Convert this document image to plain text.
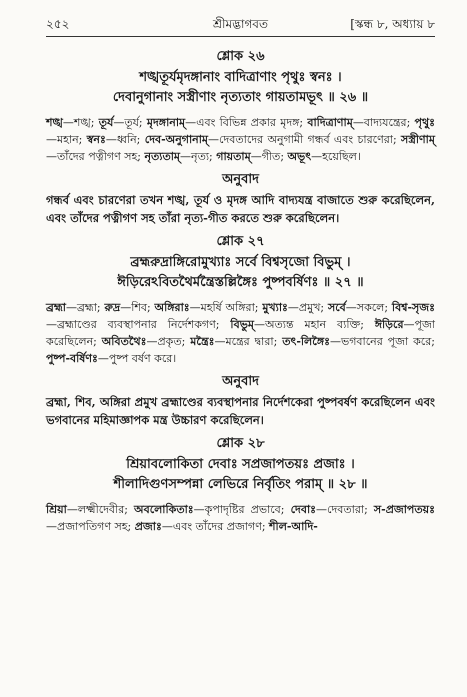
২৫২	শ্রীমদ্ভাগবত	[স্কন্ধ ৮, অধ্যায় ৮
শ্লোক ২৬
শঙ্খতূর্যমৃদঙ্গানাং বাদিত্রাণাং পৃথুঃ স্বনঃ ।
দেবানুগানাং সস্ত্রীণাং নৃত্যতাং গায়তামভূৎ ॥ ২৬ ॥
শঙ্খ—শঙ্খ; তূর্য—তূর্য; মৃদঙ্গানাম্—এবং বিভিন্ন প্রকার মৃদঙ্গ; বাদিত্রাণাম্—বাদ্যযন্ত্রের; পৃথুঃ—মহান; স্বনঃ—ধ্বনি; দেব-অনুগানাম্—দেবতাদের অনুগামী গন্ধর্ব এবং চারণেরা; সস্ত্রীণাম্—তাঁদের পত্নীগণ সহ; নৃত্যতাম্—নৃত্য; গায়তাম্—গীত; অভূৎ—হয়েছিল।
অনুবাদ
গন্ধর্ব এবং চারণেরা তখন শঙ্খ, তূর্য ও মৃদঙ্গ আদি বাদ্যযন্ত্র বাজাতে শুরু করেছিলেন, এবং তাঁদের পত্নীগণ সহ তাঁরা নৃত্য-গীত করতে শুরু করেছিলেন।
শ্লোক ২৭
ব্রহ্মরুদ্রাঙ্গিরোমুখ্যাঃ সর্বে বিশ্বসৃজো বিভুম্ ।
ঈড়িরেঽবিতথৈর্মন্ত্রৈস্তল্লিঙ্গৈঃ পুষ্পবর্ষিণঃ ॥ ২৭ ॥
ব্রহ্মা—ব্রহ্মা; রুদ্র—শিব; অঙ্গিরাঃ—মহর্ষি অঙ্গিরা; মুখ্যাঃ—প্রমুখ; সর্বে—সকলে; বিশ্ব-সৃজঃ—ব্রহ্মাণ্ডের ব্যবস্থাপনার নির্দেশকগণ; বিভুম্—অত্যন্ত মহান ব্যক্তি; ঈড়িরে—পূজা করেছিলেন; অবিতথৈঃ—প্রকৃত; মন্ত্রৈঃ—মন্ত্রের দ্বারা; তৎ-লিঙ্গৈঃ—ভগবানের পূজা করে; পুষ্প-বর্ষিণঃ—পুষ্প বর্ষণ করে।
অনুবাদ
ব্রহ্মা, শিব, অঙ্গিরা প্রমুখ ব্রহ্মাণ্ডের ব্যবস্থাপনার নির্দেশকেরা পুষ্পবর্ষণ করেছিলেন এবং ভগবানের মহিমাজ্ঞাপক মন্ত্র উচ্চারণ করেছিলেন।
শ্লোক ২৮
শ্রিয়াবলোকিতা দেবাঃ সপ্রজাপতয়ঃ প্রজাঃ ।
শীলাদিগুণসম্পন্না লেভিরে নির্বৃতিং পরাম্ ॥ ২৮ ॥
শ্রিয়া—লক্ষ্মীদেবীর; অবলোকিতাঃ—কৃপাদৃষ্টির প্রভাবে; দেবাঃ—দেবতারা; স-প্রজাপতয়ঃ—প্রজাপতিগণ সহ; প্রজাঃ—এবং তাঁদের প্রজাগণ; শীল-আদি-
